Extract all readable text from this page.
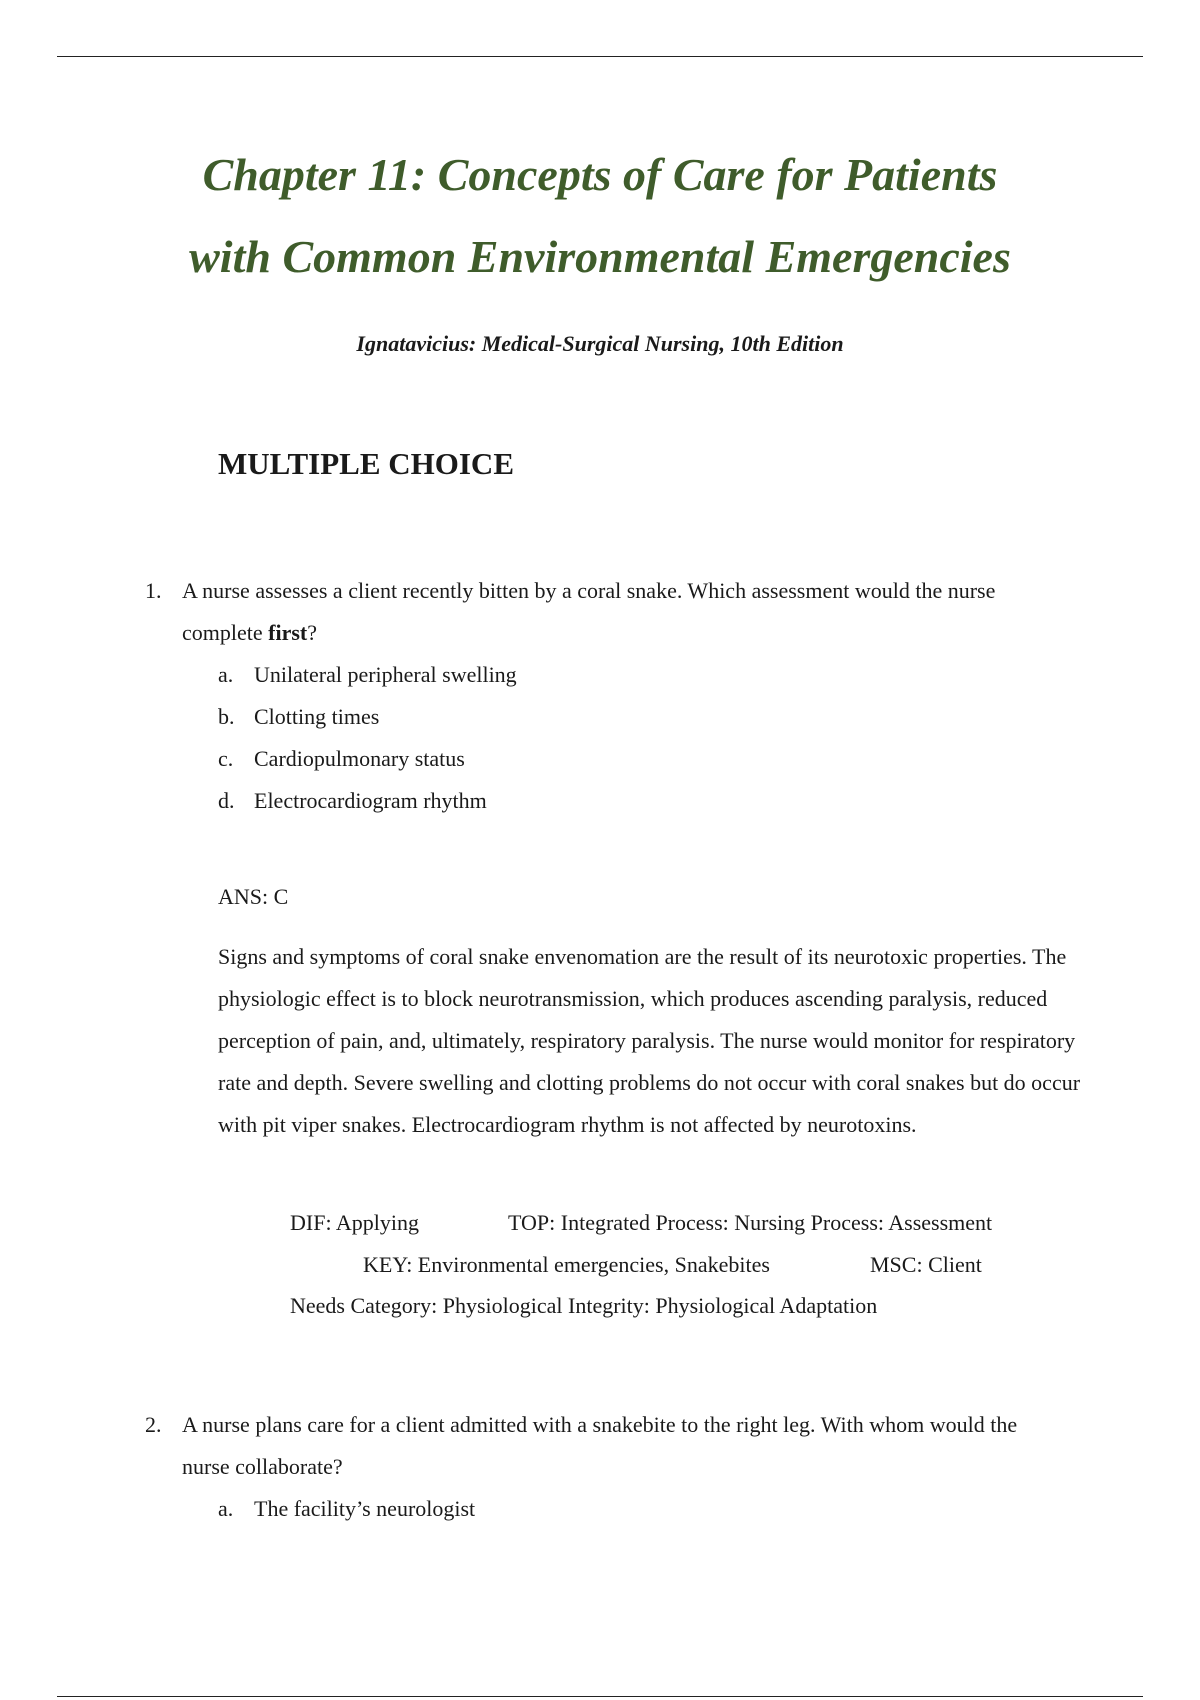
Chapter 11: Concepts of Care for Patients
with Common Environmental Emergencies
Ignatavicius: Medical-Surgical Nursing, 10th Edition
MULTIPLE CHOICE
1. A nurse assesses a client recently bitten by a coral snake. Which assessment would the nurse complete first?

a. Unilateral peripheral swelling
b. Clotting times
c. Cardiopulmonary status
d. Electrocardiogram rhythm
ANS: C

Signs and symptoms of coral snake envenomation are the result of its neurotoxic properties. The physiologic effect is to block neurotransmission, which produces ascending paralysis, reduced perception of pain, and, ultimately, respiratory paralysis. The nurse would monitor for respiratory rate and depth. Severe swelling and clotting problems do not occur with coral snakes but do occur with pit viper snakes. Electrocardiogram rhythm is not affected by neurotoxins.

DIF: Applying	TOP: Integrated Process: Nursing Process: Assessment
KEY: Environmental emergencies, Snakebites	MSC: Client
Needs Category: Physiological Integrity: Physiological Adaptation
2. A nurse plans care for a client admitted with a snakebite to the right leg. With whom would the nurse collaborate?

a. The facility’s neurologist
